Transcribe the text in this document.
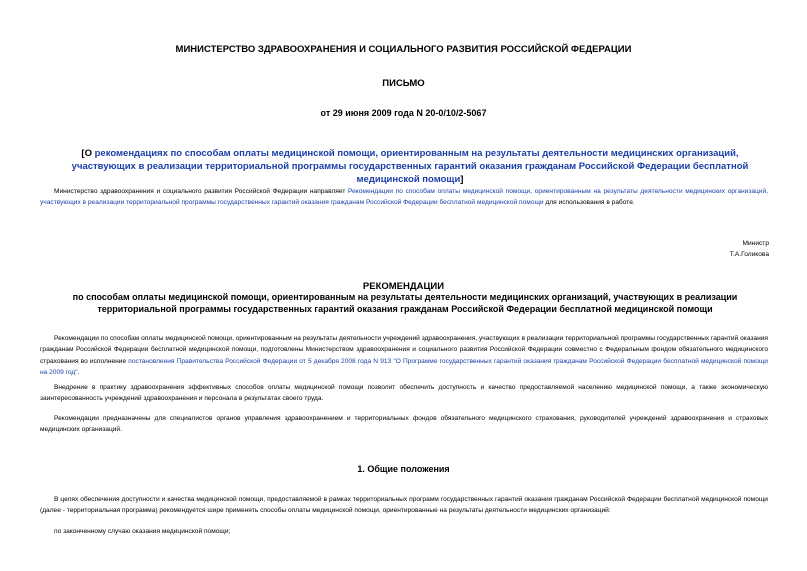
МИНИСТЕРСТВО ЗДРАВООХРАНЕНИЯ И СОЦИАЛЬНОГО РАЗВИТИЯ РОССИЙСКОЙ ФЕДЕРАЦИИ
ПИСЬМО
от 29 июня 2009 года N 20-0/10/2-5067
[О рекомендациях по способам оплаты медицинской помощи, ориентированным на результаты деятельности медицинских организаций, участвующих в реализации территориальной программы государственных гарантий оказания гражданам Российской Федерации бесплатной медицинской помощи]
Министерство здравоохранения и социального развития Российской Федерации направляет Рекомендации по способам оплаты медицинской помощи, ориентированным на результаты деятельности медицинских организаций, участвующих в реализации территориальной программы государственных гарантий оказания гражданам Российской Федерации бесплатной медицинской помощи для использования в работе.
Министр
Т.А.Голикова
РЕКОМЕНДАЦИИ
по способам оплаты медицинской помощи, ориентированным на результаты деятельности медицинских организаций, участвующих в реализации территориальной программы государственных гарантий оказания гражданам Российской Федерации бесплатной медицинской помощи
Рекомендации по способам оплаты медицинской помощи, ориентированным на результаты деятельности учреждений здравоохранения, участвующих в реализации территориальной программы государственных гарантий оказания гражданам Российской Федерации бесплатной медицинской помощи, подготовлены Министерством здравоохранения и социального развития Российской Федерации совместно с Федеральным фондом обязательного медицинского страхования во исполнение постановления Правительства Российской Федерации от 5 декабря 2008 года N 913 "О Программе государственных гарантий оказания гражданам Российской Федерации бесплатной медицинской помощи на 2009 год".
Внедрение в практику здравоохранения эффективных способов оплаты медицинской помощи позволит обеспечить доступность и качество предоставляемой населению медицинской помощи, а также экономическую заинтересованность учреждений здравоохранения и персонала в результатах своего труда.
Рекомендации предназначены для специалистов органов управления здравоохранением и территориальных фондов обязательного медицинского страхования, руководителей учреждений здравоохранения и страховых медицинских организаций.
1. Общие положения
В целях обеспечения доступности и качества медицинской помощи, предоставляемой в рамках территориальных программ государственных гарантий оказания гражданам Российской Федерации бесплатной медицинской помощи (далее - территориальная программа) рекомендуется шире применять способы оплаты медицинской помощи, ориентированные на результаты деятельности медицинских организаций:
по законченному случаю оказания медицинской помощи;
